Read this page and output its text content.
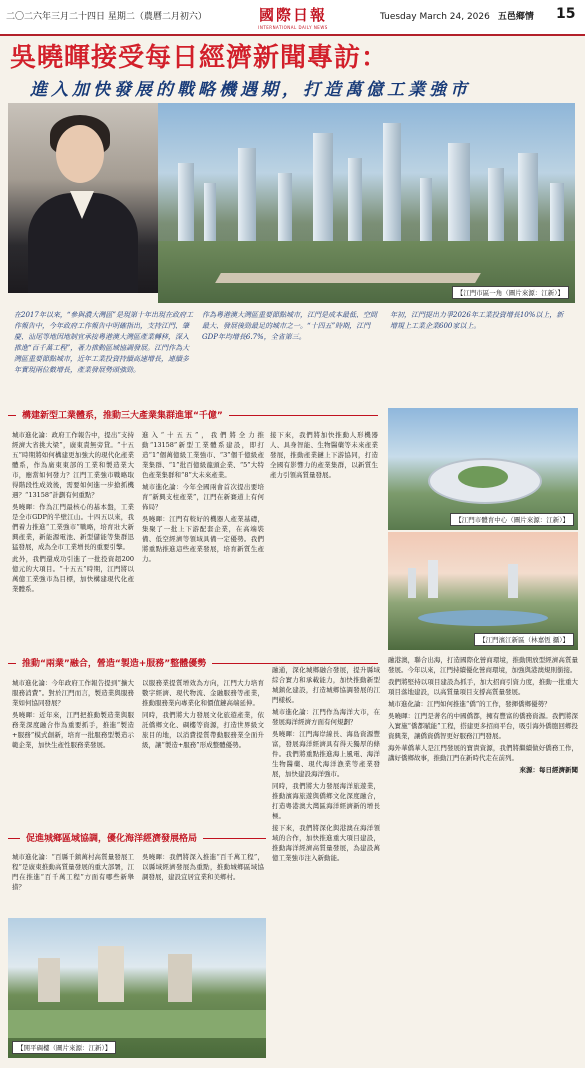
二〇二六年三月二十四日 星期二（農曆二月初六）	國際日報
INTERNATIONAL DAILY NEWS
Tuesday March 24, 2026 五邑鄉情 15
吳曉暉接受每日經濟新聞專訪：
進入加快發展的戰略機遇期，打造萬億工業強市
【江門市區一角（圖片來源：江新）】
在2017年以來，“參與濃大灣區”是現第十年出現在政府工作報告中，今年政府工作報告中明確指出，支持江門、肇慶、汕尾等地因地制宜承接粵港澳大灣區產業轉移，深入推進“百千萬工程”，著力推動區域協調發展。江門作為大灣區重要節點城市，近年工業投資持續高速增長，連續多年實現兩位數增長，產業發展勢頭強勁。
作為粵港澳大灣區重要節點城市，江門是成本最低、空間最大、發展後勁最足的城市之一。“十四五”時期，江門GDP年均增長6.7%，全省第三。
年初，江門提出力爭2026年工業投資增長10%以上，新增規上工業企業600家以上。
構建新型工業體系，推動三大產業集群進軍“千億”

城市進化論：政府工作報告中，提出“支持經濟大省挑大梁”，廣東責無旁貸。“十五五”時期將如何構建更加強大的現代化產業體系，作為廣東東部的工業和製造業大市，應當如何發力？江門工業強市戰略取得階段性成效後，需要如何進一步搶抓機遇？“13158”計劃有何重點？

吳曉暉：作為江門最核心的基本盤，工業是全市GDP的半壁江山。十四五以來，我們着力推進“工業強市”戰略，培育壯大新興產業，新能源電池、新型儲能等集群迅猛發展，成為全市工業增長的重要引擎。

此外，我們還成功引進了一批投資超200億元的大項目。“十五五”時期，江門將以萬億工業強市為目標，加快構建現代化產業體系。

進入“十五五”，我們將全力推動“13158”新型工業體系建設，即打造“1”個萬億級工業強市、“3”個千億級產業集群、“1”批百億級龍頭企業、“5”大特色產業集群和“8”大未來產業。

城市進化論：今年全國兩會首次提出要培育“新興支柱產業”，江門在新賽道上有何佈局？

吳曉暉：江門有較好的機器人產業基礎，集聚了一批上下游配套企業，在高端裝備、低空經濟等領域具備一定優勢。我們將重點推進這些產業發展，培育新質生產力。

接下來，我們將加快推動人形機器人、具身智能、生物醫藥等未來產業發展，推動產業鏈上下游協同，打造全國有影響力的產業集群，以新質生產力引領高質量發展。

【江門市體育中心（圖片來源：江新）】
【江門濱江新區（林嘉恆 攝）】
推動“兩業”融合，營造“製造+服務”整體優勢

城市進化論：今年政府工作報告提到“擴大服務消費”。對於江門而言，製造業與服務業如何協同發展？

吳曉暉：近年來，江門把推動製造業與服務業深度融合作為重要抓手，推進“製造+服務”模式創新，培育一批服務型製造示範企業，加快生產性服務業發展。

以服務業提質增效為方向，江門大力培育數字經濟、現代物流、金融服務等產業，推動服務業向專業化和價值鏈高端延伸。

同時，我們將大力發展文化旅遊產業，依託僑鄉文化、碉樓等資源，打造世界級文旅目的地，以消費提質帶動服務業全面升級，讓“製造+服務”形成整體優勢。

促進城鄉區域協調，優化海洋經濟發展格局

城市進化論：“百縣千鎮萬村高質量發展工程”是廣東推動高質量發展的重大部署，江門在推進“百千萬工程”方面有哪些新舉措？

吳曉暉：我們將深入推進“百千萬工程”，以縣域經濟發展為重點，推動城鄉區域協調發展，建設宜居宜業和美鄉村。

【開平碉樓（圖片來源：江新）】

融通，深化城鄉融合發展，提升縣域綜合實力和承載能力，加快推動新型城鎮化建設，打造城鄉協調發展的江門樣板。

城市進化論：江門作為海洋大市，在發展海洋經濟方面有何規劃？

吳曉暉：江門海岸線長、海島資源豐富，發展海洋經濟具有得天獨厚的條件。我們將重點推進海上風電、海洋生物醫藥、現代海洋漁業等產業發展，加快建設海洋強市。

同時，我們將大力發展海洋旅遊業，推動濱海旅遊與僑鄉文化深度融合，打造粵港澳大灣區海洋經濟新的增長極。

接下來，我們將深化與港澳在海洋領域的合作，加快推進重大項目建設，推動海洋經濟高質量發展，為建設萬億工業強市注入新動能。

融港澳，聯合出海，打造國際化營商環境，推動開放型經濟高質量發展。今年以來，江門持續優化營商環境，加強與港澳規則銜接。

我們將堅持以項目建設為抓手，加大招商引資力度，推動一批重大項目落地建設，以高質量項目支撐高質量發展。

城市進化論：江門如何推進“僑”的工作，發揮僑鄉優勢？

吳曉暉：江門是著名的中國僑都，擁有豐富的僑務資源。我們將深入實施“僑都賦能”工程，搭建更多招商平台，吸引海外僑胞回鄉投資興業，讓僑資僑智更好服務江門發展。

海外華僑華人是江門發展的寶貴資源，我們將繼續做好僑務工作，講好僑鄉故事，推動江門在新時代走在前列。

來源：每日經濟新聞
